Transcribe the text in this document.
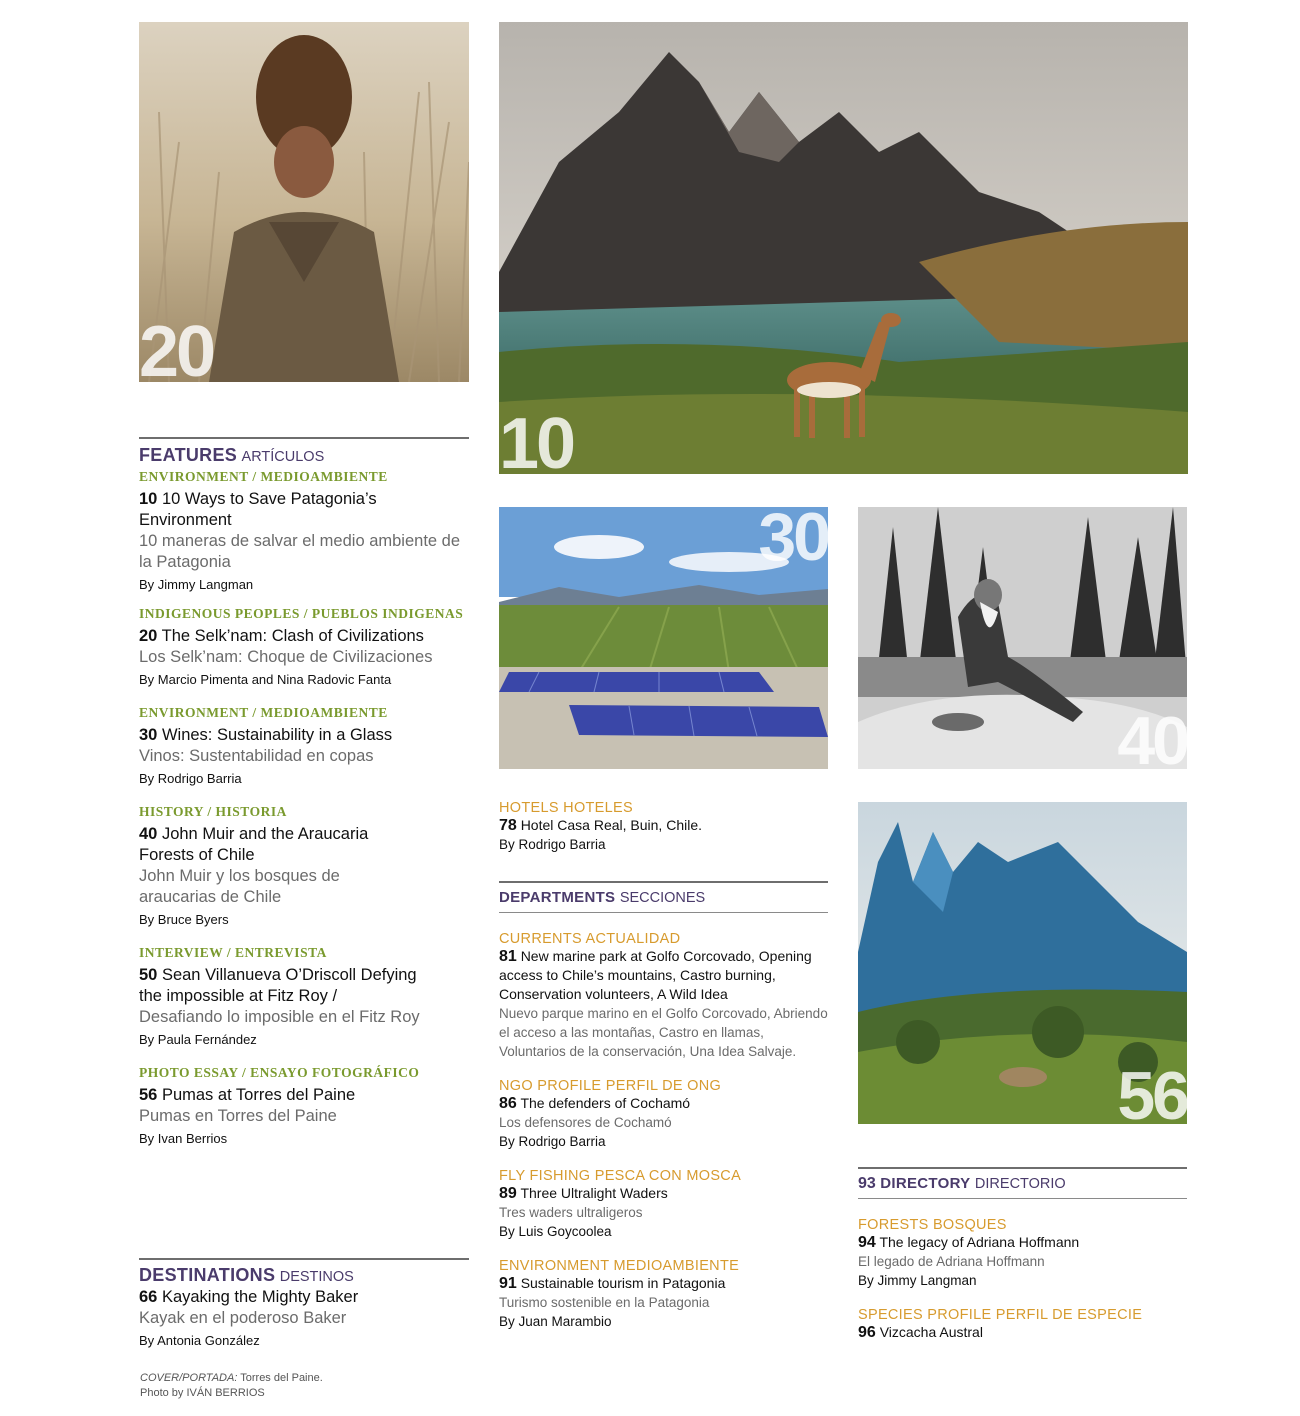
20
10
30
40
56
FEATURES ARTÍCULOS
ENVIRONMENT / MEDIOAMBIENTE
10 10 Ways to Save Patagonia’s Environment
10 maneras de salvar el medio ambiente de la Patagonia
By Jimmy Langman
INDIGENOUS PEOPLES / PUEBLOS INDIGENAS
20 The Selk’nam: Clash of Civilizations
Los Selk’nam: Choque de Civilizaciones
By Marcio Pimenta and Nina Radovic Fanta
ENVIRONMENT / MEDIOAMBIENTE
30 Wines: Sustainability in a Glass
Vinos: Sustentabilidad en copas
By Rodrigo Barria
HISTORY / HISTORIA
40 John Muir and the Araucaria Forests of Chile
John Muir y los bosques de araucarias de Chile
By Bruce Byers
INTERVIEW / ENTREVISTA
50 Sean Villanueva O’Driscoll Defying the impossible at Fitz Roy /
Desafiando lo imposible en el Fitz Roy
By Paula Fernández
PHOTO ESSAY / ENSAYO FOTOGRÁFICO
56 Pumas at Torres del Paine
Pumas en Torres del Paine
By Ivan Berrios
DESTINATIONS DESTINOS
66 Kayaking the Mighty Baker
Kayak en el poderoso Baker
By Antonia González
COVER/PORTADA: Torres del Paine.
Photo by IVÁN BERRIOS
HOTELS HOTELES
78 Hotel Casa Real, Buin, Chile.
By Rodrigo Barria
DEPARTMENTS SECCIONES
CURRENTS ACTUALIDAD
81 New marine park at Golfo Corcovado, Opening access to Chile’s mountains, Castro burning, Conservation volunteers, A Wild Idea
Nuevo parque marino en el Golfo Corcovado, Abriendo el acceso a las montañas, Castro en llamas, Voluntarios de la conservación, Una Idea Salvaje.
NGO PROFILE PERFIL DE ONG
86 The defenders of Cochamó
Los defensores de Cochamó
By Rodrigo Barria
FLY FISHING PESCA CON MOSCA
89 Three Ultralight Waders
Tres waders ultraligeros
By Luis Goycoolea
ENVIRONMENT MEDIOAMBIENTE
91 Sustainable tourism in Patagonia
Turismo sostenible en la Patagonia
By Juan Marambio
93 DIRECTORY DIRECTORIO
FORESTS BOSQUES
94 The legacy of Adriana Hoffmann
El legado de Adriana Hoffmann
By Jimmy Langman
SPECIES PROFILE PERFIL DE ESPECIE
96 Vizcacha Austral
